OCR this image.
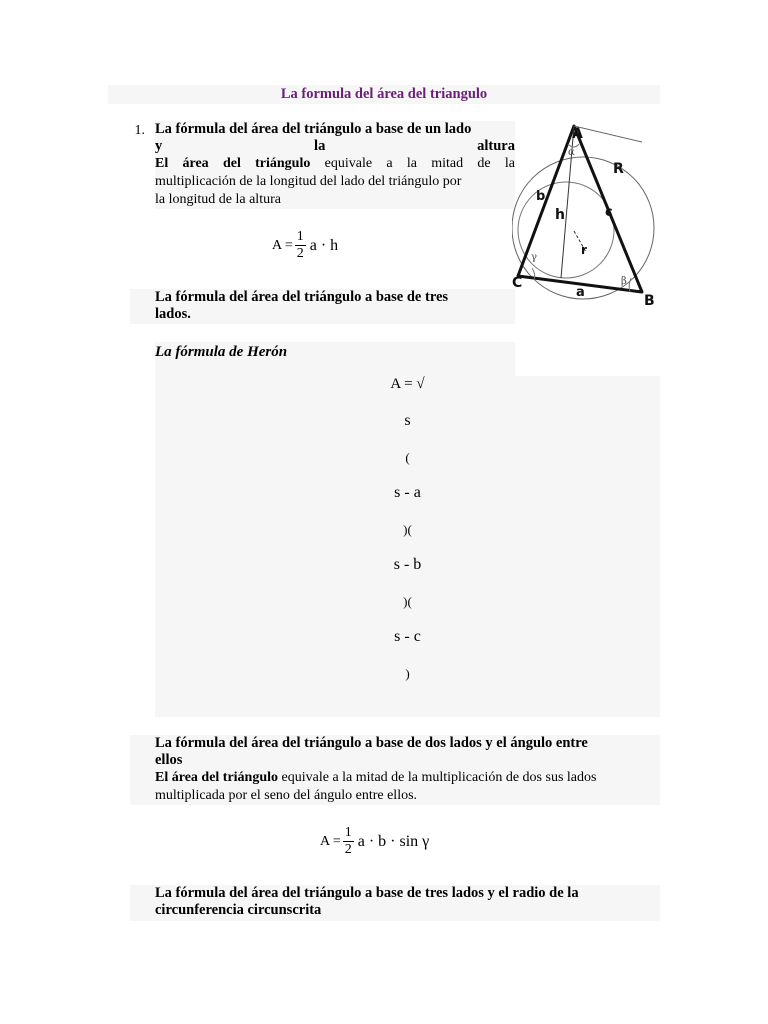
La formula del área del triangulo
1. La fórmula del área del triángulo a base de un lado
y	la	altura
El área del triángulo equivale a la mitad de la
multiplicación de la longitud del lado del triángulo por
la longitud de la altura
$A = \frac{1}{2}$ a · h
La fórmula del área del triángulo a base de tres
lados.
La fórmula de Herón
A = √
s
(
s - a
)(
s - b
)(
s - c
)
La fórmula del área del triángulo a base de dos lados y el ángulo entre
ellos
El área del triángulo equivale a la mitad de la multiplicación de dos sus lados
multiplicada por el seno del ángulo entre ellos.
$A = \frac{1}{2}$ a · b · sin γ
La fórmula del área del triángulo a base de tres lados y el radio de la
circunferencia circunscrita
A
B
C
a
b
c
h
r
R
α
γ
β
